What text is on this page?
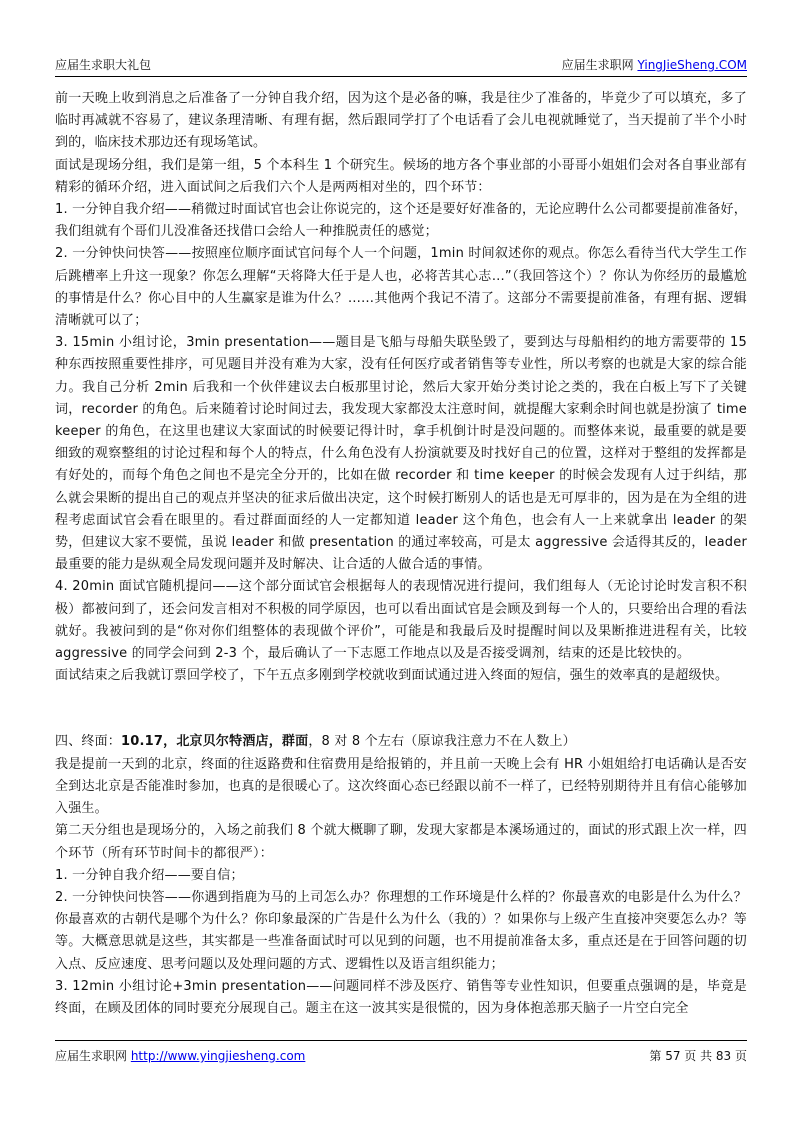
应届生求职大礼包	应届生求职网 YingJieSheng.COM

前一天晚上收到消息之后准备了一分钟自我介绍，因为这个是必备的嘛，我是往少了准备的，毕竟少了可以填充，多了临时再减就不容易了，建议条理清晰、有理有据，然后跟同学打了个电话看了会儿电视就睡觉了，当天提前了半个小时到的，临床技术那边还有现场笔试。

面试是现场分组，我们是第一组，5 个本科生 1 个研究生。候场的地方各个事业部的小哥哥小姐姐们会对各自事业部有精彩的循环介绍，进入面试间之后我们六个人是两两相对坐的，四个环节：

1. 一分钟自我介绍——稍微过时面试官也会让你说完的，这个还是要好好准备的，无论应聘什么公司都要提前准备好，我们组就有个哥们儿没准备还找借口会给人一种推脱责任的感觉；

2. 一分钟快问快答——按照座位顺序面试官问每个人一个问题，1min 时间叙述你的观点。你怎么看待当代大学生工作后跳槽率上升这一现象？你怎么理解“天将降大任于是人也，必将苦其心志…”（我回答这个）？你认为你经历的最尴尬的事情是什么？你心目中的人生赢家是谁为什么？……其他两个我记不清了。这部分不需要提前准备，有理有据、逻辑清晰就可以了；

3. 15min 小组讨论，3min presentation——题目是飞船与母船失联坠毁了，要到达与母船相约的地方需要带的 15 种东西按照重要性排序，可见题目并没有难为大家，没有任何医疗或者销售等专业性，所以考察的也就是大家的综合能力。我自己分析 2min 后我和一个伙伴建议去白板那里讨论，然后大家开始分类讨论之类的，我在白板上写下了关键词，recorder 的角色。后来随着讨论时间过去，我发现大家都没太注意时间，就提醒大家剩余时间也就是扮演了 time keeper 的角色，在这里也建议大家面试的时候要记得计时，拿手机倒计时是没问题的。而整体来说，最重要的就是要细致的观察整组的讨论过程和每个人的特点，什么角色没有人扮演就要及时找好自己的位置，这样对于整组的发挥都是有好处的，而每个角色之间也不是完全分开的，比如在做 recorder 和 time keeper 的时候会发现有人过于纠结，那么就会果断的提出自己的观点并坚决的征求后做出决定，这个时候打断别人的话也是无可厚非的，因为是在为全组的进程考虑面试官会看在眼里的。看过群面面经的人一定都知道 leader 这个角色，也会有人一上来就拿出 leader 的架势，但建议大家不要慌，虽说 leader 和做 presentation 的通过率较高，可是太 aggressive 会适得其反的，leader 最重要的能力是纵观全局发现问题并及时解决、让合适的人做合适的事情。

4. 20min 面试官随机提问——这个部分面试官会根据每人的表现情况进行提问，我们组每人（无论讨论时发言积不积极）都被问到了，还会问发言相对不积极的同学原因，也可以看出面试官是会顾及到每一个人的，只要给出合理的看法就好。我被问到的是“你对你们组整体的表现做个评价”，可能是和我最后及时提醒时间以及果断推进进程有关，比较 aggressive 的同学会问到 2-3 个，最后确认了一下志愿工作地点以及是否接受调剂，结束的还是比较快的。

面试结束之后我就订票回学校了，下午五点多刚到学校就收到面试通过进入终面的短信，强生的效率真的是超级快。

四、终面：10.17，北京贝尔特酒店，群面，8 对 8 个左右（原谅我注意力不在人数上）

我是提前一天到的北京，终面的往返路费和住宿费用是给报销的，并且前一天晚上会有 HR 小姐姐给打电话确认是否安全到达北京是否能准时参加，也真的是很暖心了。这次终面心态已经跟以前不一样了，已经特别期待并且有信心能够加入强生。

第二天分组也是现场分的，入场之前我们 8 个就大概聊了聊，发现大家都是本溪场通过的，面试的形式跟上次一样，四个环节（所有环节时间卡的都很严）：

1. 一分钟自我介绍——要自信；

2. 一分钟快问快答——你遇到指鹿为马的上司怎么办？你理想的工作环境是什么样的？你最喜欢的电影是什么为什么？你最喜欢的古朝代是哪个为什么？你印象最深的广告是什么为什么（我的）？如果你与上级产生直接冲突要怎么办？等等。大概意思就是这些，其实都是一些准备面试时可以见到的问题，也不用提前准备太多，重点还是在于回答问题的切入点、反应速度、思考问题以及处理问题的方式、逻辑性以及语言组织能力；

3. 12min 小组讨论+3min presentation——问题同样不涉及医疗、销售等专业性知识，但要重点强调的是，毕竟是终面，在顾及团体的同时要充分展现自己。题主在这一波其实是很慌的，因为身体抱恙那天脑子一片空白完全

应届生求职网 http://www.yingjiesheng.com	第 57 页 共 83 页
